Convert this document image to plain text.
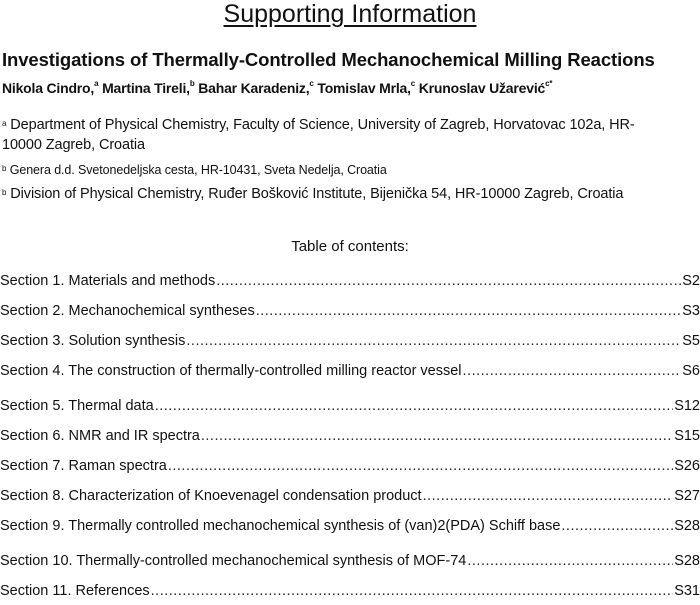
Supporting Information
Investigations of Thermally-Controlled Mechanochemical Milling Reactions
Nikola Cindro,$^a$ Martina Tireli,$^b$ Bahar Karadeniz,$^c$ Tomislav Mrla,$^c$ Krunoslav Užarević$^{c*}$
$^a$ Department of Physical Chemistry, Faculty of Science, University of Zagreb, Horvatovac 102a, HR-
10000 Zagreb, Croatia
$^b$ Genera d.d. Svetonedeljska cesta, HR-10431, Sveta Nedelja, Croatia
$^b$ Division of Physical Chemistry, Ruđer Bošković Institute, Bijenička 54, HR-10000 Zagreb, Croatia
Table of contents:
Section 1. Materials and methods .....	S2
Section 2. Mechanochemical syntheses .....	S3
Section 3. Solution synthesis .....	S5
Section 4. The construction of thermally-controlled milling reactor vessel .....	S6
Section 5. Thermal data .....	S12
Section 6. NMR and IR spectra .....	S15
Section 7. Raman spectra .....	S26
Section 8. Characterization of Knoevenagel condensation product .....	S27
Section 9. Thermally controlled mechanochemical synthesis of (van)2(PDA) Schiff base .....	S28
Section 10. Thermally-controlled mechanochemical synthesis of MOF-74 .....	S28
Section 11. References .....	S31
